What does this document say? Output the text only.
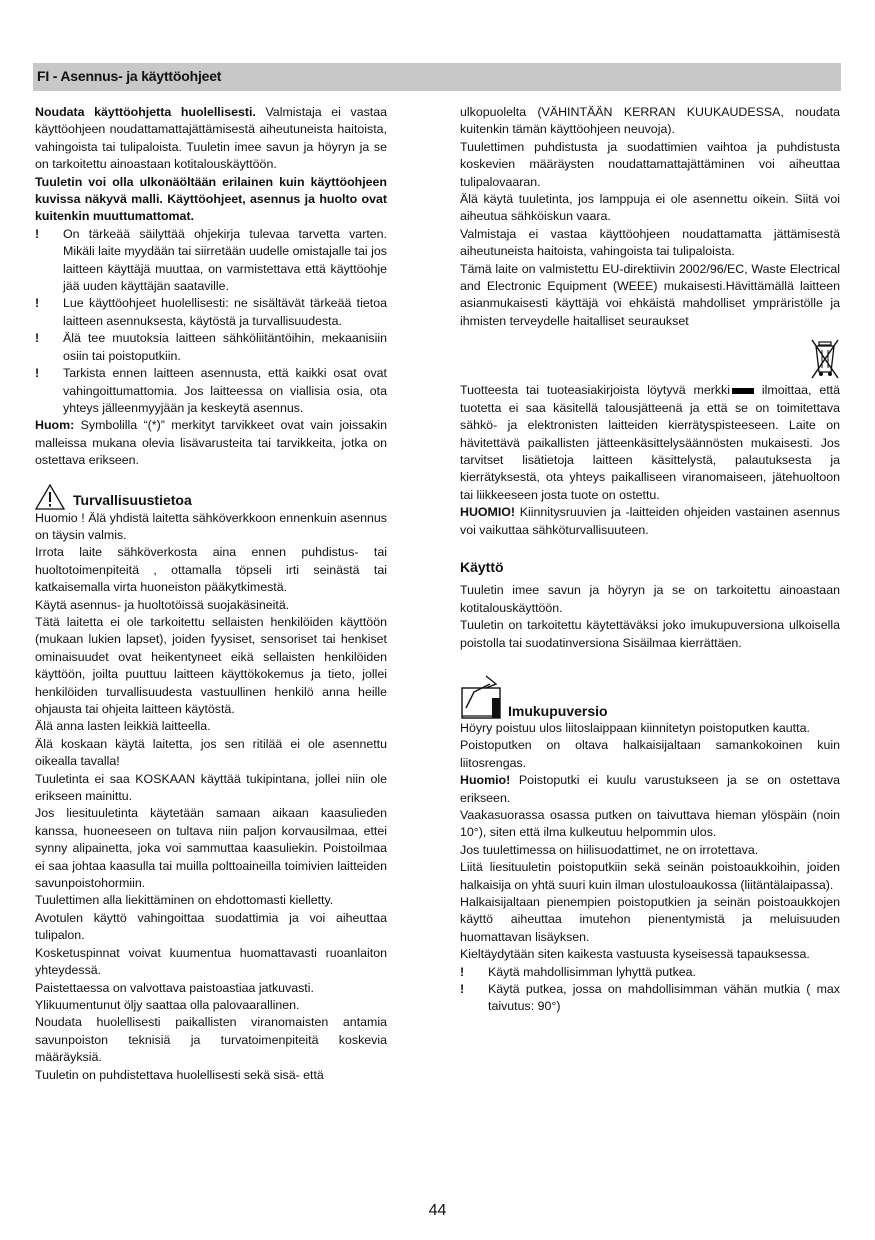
FI - Asennus- ja käyttöohjeet

Noudata käyttöohjetta huolellisesti. Valmistaja ei vastaa käyttöohjeen noudattamattajättämisestä aiheutuneista haitoista, vahingoista tai tulipaloista. Tuuletin imee savun ja höyryn ja se on tarkoitettu ainoastaan kotitalouskäyttöön.

Tuuletin voi olla ulkonäöltään erilainen kuin käyttöohjeen kuvissa näkyvä malli. Käyttöohjeet, asennus ja huolto ovat kuitenkin muuttumattomat.

!	On tärkeää säilyttää ohjekirja tulevaa tarvetta varten. Mikäli laite myydään tai siirretään uudelle omistajalle tai jos laitteen käyttäjä muuttaa, on varmistettava että käyttöohje jää uuden käyttäjän saataville.
!	Lue käyttöohjeet huolellisesti: ne sisältävät tärkeää tietoa laitteen asennuksesta, käytöstä ja turvallisuudesta.
!	Älä tee muutoksia laitteen sähköliitäntöihin, mekaanisiin osiin tai poistoputkiin.
!	Tarkista ennen laitteen asennusta, että kaikki osat ovat vahingoittumattomia. Jos laitteessa on viallisia osia, ota yhteys jälleenmyyjään ja keskeytä asennus.

Huom: Symbolilla “(*)” merkityt tarvikkeet ovat vain joissakin malleissa mukana olevia lisävarusteita tai tarvikkeita, jotka on ostettava erikseen.

Turvallisuustietoa

Huomio ! Älä yhdistä laitetta sähköverkkoon ennenkuin asennus on täysin valmis.

Irrota laite sähköverkosta aina ennen puhdistus- tai huoltotoimenpiteitä , ottamalla töpseli irti seinästä tai katkaisemalla virta huoneiston pääkytkimestä.

Käytä asennus- ja huoltotöissä suojakäsineitä.

Tätä laitetta ei ole tarkoitettu sellaisten henkilöiden käyttöön (mukaan lukien lapset), joiden fyysiset, sensoriset tai henkiset ominaisuudet ovat heikentyneet eikä sellaisten henkilöiden käyttöön, joilta puuttuu laitteen käyttökokemus ja tieto, jollei henkilöiden turvallisuudesta vastuullinen henkilö anna heille ohjausta tai ohjeita laitteen käytöstä.

Älä anna lasten leikkiä laitteella.

Älä koskaan käytä laitetta, jos sen ritilää ei ole asennettu oikealla tavalla!

Tuuletinta ei saa KOSKAAN käyttää tukipintana, jollei niin ole erikseen mainittu.

Jos liesituuletinta käytetään samaan aikaan kaasulieden kanssa, huoneeseen on tultava niin paljon korvausilmaa, ettei synny alipainetta, joka voi sammuttaa kaasuliekin. Poistoilmaa ei saa johtaa kaasulla tai muilla polttoaineilla toimivien laitteiden savunpoistohormiin.

Tuulettimen alla liekittäminen on ehdottomasti kielletty.

Avotulen käyttö vahingoittaa suodattimia ja voi aiheuttaa tulipalon.

Kosketuspinnat voivat kuumentua huomattavasti ruoanlaiton yhteydessä.

Paistettaessa on valvottava paistoastiaa jatkuvasti.

Ylikuumentunut öljy saattaa olla palovaarallinen.

Noudata huolellisesti paikallisten viranomaisten antamia savunpoiston teknisiä ja turvatoimenpiteitä koskevia määräyksiä.

Tuuletin on puhdistettava huolellisesti sekä sisä- että

ulkopuolelta (VÄHINTÄÄN KERRAN KUUKAUDESSA, noudata kuitenkin tämän käyttöohjeen neuvoja).

Tuulettimen puhdistusta ja suodattimien vaihtoa ja puhdistusta koskevien määräysten noudattamattajättäminen voi aiheuttaa tulipalovaaran.

Älä käytä tuuletinta, jos lamppuja ei ole asennettu oikein. Siitä voi aiheutua sähköiskun vaara.

Valmistaja ei vastaa käyttöohjeen noudattamatta jättämisestä aiheutuneista haitoista, vahingoista tai tulipaloista.

Tämä laite on valmistettu EU-direktiivin 2002/96/EC, Waste Electrical and Electronic Equipment (WEEE) mukaisesti.Hävittämällä laitteen asianmukaisesti käyttäjä voi ehkäistä mahdolliset ympräristölle ja ihmisten terveydelle haitalliset seuraukset

Tuotteesta tai tuoteasiakirjoista löytyvä merkki ilmoittaa, että tuotetta ei saa käsitellä talousjätteenä ja että se on toimitettava sähkö- ja elektronisten laitteiden kierrätyspisteeseen. Laite on hävitettävä paikallisten jätteenkäsittelysäännösten mukaisesti. Jos tarvitset lisätietoja laitteen käsittelystä, palautuksesta ja kierrätyksestä, ota yhteys paikalliseen viranomaiseen, jätehuoltoon tai liikkeeseen josta tuote on ostettu.

HUOMIO! Kiinnitysruuvien ja -laitteiden ohjeiden vastainen asennus voi vaikuttaa sähköturvallisuuteen.

Käyttö

Tuuletin imee savun ja höyryn ja se on tarkoitettu ainoastaan kotitalouskäyttöön.

Tuuletin on tarkoitettu käytettäväksi joko imukupuversiona ulkoisella poistolla tai suodatinversiona Sisäilmaa kierrättäen.

Imukupuversio

Höyry poistuu ulos liitoslaippaan kiinnitetyn poistoputken kautta.

Poistoputken on oltava halkaisijaltaan samankokoinen kuin liitosrengas.

Huomio! Poistoputki ei kuulu varustukseen ja se on ostettava erikseen.

Vaakasuorassa osassa putken on taivuttava hieman ylöspäin (noin 10°), siten että ilma kulkeutuu helpommin ulos.

Jos tuulettimessa on hiilisuodattimet, ne on irrotettava.

Liitä liesituuletin poistoputkiin sekä seinän poistoaukkoihin, joiden halkaisija on yhtä suuri kuin ilman ulostuloaukossa (liitäntälaipassa).

Halkaisijaltaan pienempien poistoputkien ja seinän poistoaukkojen käyttö aiheuttaa imutehon pienentymistä ja meluisuuden huomattavan lisäyksen.

Kieltäydytään siten kaikesta vastuusta kyseisessä tapauksessa.

!	Käytä mahdollisimman lyhyttä putkea.
!	Käytä putkea, jossa on mahdollisimman vähän mutkia ( max taivutus: 90°)
44
